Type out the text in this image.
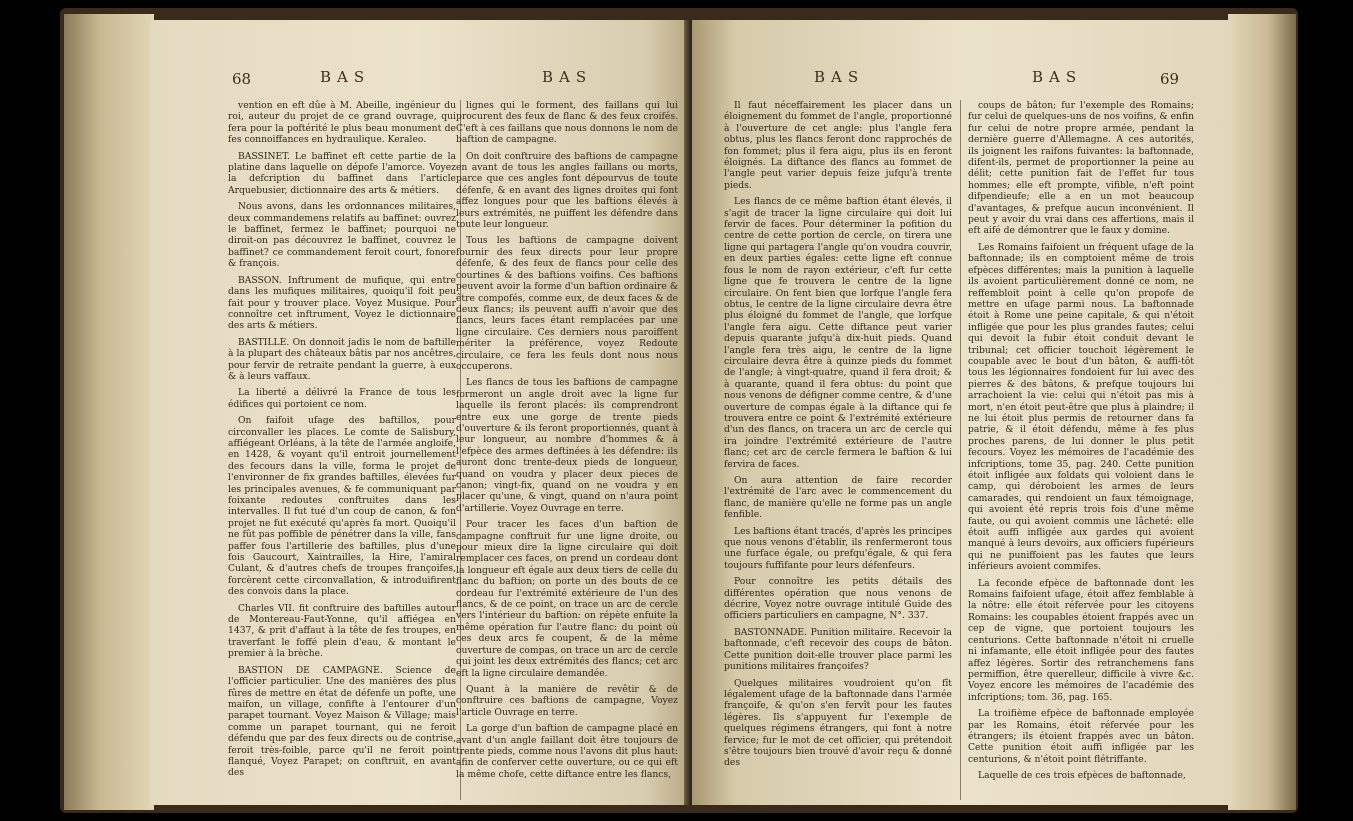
68	BAS	BAS

vention en eft dûe à M. Abeille, ingénieur du roi, auteur du projet de ce grand ouvrage, qui fera pour la poftérité le plus beau monument de fes connoiffances en hydraulique. Keraleo.

BASSINET. Le baffinet eft cette partie de la platine dans laquelle on dépofe l'amorce. Voyez la defcription du baffinet dans l'article Arquebusier, dictionnaire des arts & métiers.

Nous avons, dans les ordonnances militaires, deux commandemens relatifs au baffinet: ouvrez le baffinet, fermez le baffinet; pourquoi ne diroit-on pas découvrez le baffinet, couvrez le baffinet? ce commandement feroit court, fonore & françois.

BASSON. Inftrument de mufique, qui entre dans les mufiques militaires, quoiqu'il foit peu fait pour y trouver place. Voyez Musique. Pour connoître cet inftrument, Voyez le dictionnaire des arts & métiers.

BASTILLE. On donnoit jadis le nom de baftille à la plupart des châteaux bâtis par nos ancêtres, pour fervir de retraite pendant la guerre, à eux & à leurs vaffaux.

La liberté a délivré la France de tous les édifices qui portoient ce nom.

On faifoit ufage des baftillos, pour circonvaller les places. Le comte de Salisbury, affiégeant Orléans, à la tête de l'armée angloife, en 1428, & voyant qu'il entroit journellement des fecours dans la ville, forma le projet de l'environner de fix grandes baftilles, élevées fur les principales avenues, & fe communiquant par foixante redoutes conftruites dans les intervalles. Il fut tué d'un coup de canon, & fon projet ne fut exécuté qu'après fa mort. Quoiqu'il ne fût pas poffible de pénétrer dans la ville, fans paffer fous l'artillerie des baftilles, plus d'une fois Gaucourt, Xaintrailles, la Hire, l'amiral Culant, & d'autres chefs de troupes françoifes, forcèrent cette circonvallation, & introduifirent des convois dans la place.

Charles VII. fit conftruire des baftilles autour de Montereau-Faut-Yonne, qu'il affiégea en 1437, & prit d'affaut à la tête de fes troupes, en traverfant le foffé plein d'eau, & montant le premier à la brèche.

BASTION DE CAMPAGNE. Science de l'officier particulier. Une des manières des plus fûres de mettre en état de défenfe un pofte, une maifon, un village, confifte à l'entourer d'un parapet tournant. Voyez Maison & Village; mais comme un parapet tournant, qui ne feroit défendu que par des feux directs ou de contrise, feroit très-foible, parce qu'il ne feroit point flanqué, Voyez Parapet; on conftruit, en avant des

lignes qui le forment, des faillans qui lui procurent des feux de flanc & des feux croifés. C'eft à ces faillans que nous donnons le nom de baftion de campagne.

On doit conftruire des baftions de campagne en avant de tous les angles faillans ou morts, parce que ces angles font dépourvus de toute défenfe, & en avant des lignes droites qui font affez longues pour que les baftions élevés à leurs extrémités, ne puiffent les défendre dans toute leur longueur.

Tous les baftions de campagne doivent fournir des feux directs pour leur propre défenfe, & des feux de flancs pour celle des courtines & des baftions voifins. Ces baftions peuvent avoir la forme d'un baftion ordinaire & être compofés, comme eux, de deux faces & de deux flancs; ils peuvent auffi n'avoir que des flancs, leurs faces étant remplacées par une ligne circulaire. Ces derniers nous paroiffent mériter la préférence, voyez Redoute circulaire, ce fera les feuls dont nous nous occuperons.

Les flancs de tous les baftions de campagne formeront un angle droit avec la ligne fur laquelle ils feront placés: ils comprendront entre eux une gorge de trente pieds d'ouverture & ils feront proportionnés, quant à leur longueur, au nombre d'hommes & à l'efpèce des armes deftinées à les défendre: ils auront donc trente-deux pieds de longueur, quand on voudra y placer deux pieces de canon; vingt-fix, quand on ne voudra y en placer qu'une, & vingt, quand on n'aura point d'artillerie. Voyez Ouvrage en terre.

Pour tracer les faces d'un baftion de campagne conftruit fur une ligne droite, ou pour mieux dire la ligne circulaire qui doit remplacer ces faces, on prend un cordeau dont la longueur eft égale aux deux tiers de celle du flanc du baftion; on porte un des bouts de ce cordeau fur l'extrémité extérieure de l'un des flancs, & de ce point, on trace un arc de cercle vers l'intérieur du baftion: on répète enfuite la même opération fur l'autre flanc: du point où ces deux arcs fe coupent, & de la même ouverture de compas, on trace un arc de cercle qui joint les deux extrémités des flancs; cet arc eft la ligne circulaire demandée.

Quant à la manière de revêtir & de conftruire ces baftions de campagne, Voyez l'article Ouvrage en terre.

La gorge d'un baftion de campagne placé en avant d'un angle faillant doit être toujours de trente pieds, comme nous l'avons dit plus haut: afin de conferver cette ouverture, ou ce qui eft la même chofe, cette diftance entre les flancs,

BAS	BAS	69

Il faut néceffairement les placer dans un éloignement du fommet de l'angle, proportionné à l'ouverture de cet angle: plus l'angle fera obtus, plus les flancs feront donc rapprochés de fon fommet; plus il fera aigu, plus ils en feront éloignés. La diftance des flancs au fommet de l'angle peut varier depuis feize jufqu'à trente pieds.

Les flancs de ce même baftion étant élevés, il s'agit de tracer la ligne circulaire qui doit lui fervir de faces. Pour déterminer la pofition du centre de cette portion de cercle, on tirera une ligne qui partagera l'angle qu'on voudra couvrir, en deux parties égales: cette ligne eft connue fous le nom de rayon extérieur, c'eft fur cette ligne que fe trouvera le centre de la ligne circulaire. On fent bien que lorfque l'angle fera obtus, le centre de la ligne circulaire devra être plus éloigné du fommet de l'angle, que lorfque l'angle fera aigu. Cette diftance peut varier depuis quarante jufqu'à dix-huit pieds. Quand l'angle fera très aigu, le centre de la ligne circulaire devra être à quinze pieds du fommet de l'angle; à vingt-quatre, quand il fera droit; & à quarante, quand il fera obtus: du point que nous venons de défigner comme centre, & d'une ouverture de compas égale à la diftance qui fe trouvera entre ce point & l'extrémité extérieure d'un des flancs, on tracera un arc de cercle qui ira joindre l'extrémité extérieure de l'autre flanc; cet arc de cercle fermera le baftion & lui fervira de faces.

On aura attention de faire recorder l'extrémité de l'arc avec le commencement du flanc, de manière qu'elle ne forme pas un angle fenfible.

Les baftions étant tracés, d'après les principes que nous venons d'établir, ils renfermeront tous une furface égale, ou prefqu'égale, & qui fera toujours fuffifante pour leurs défenfeurs.

Pour connoître les petits détails des différentes opération que nous venons de décrire, Voyez notre ouvrage intitulé Guide des officiers particuliers en campagne, N°. 337.

BASTONNADE. Punition militaire. Recevoir la baftonnade, c'eft recevoir des coups de bâton. Cette punition doit-elle trouver place parmi les punitions militaires françoifes?

Quelques militaires voudroient qu'on fît légalement ufage de la baftonnade dans l'armée françoife, & qu'on s'en fervît pour les fautes légères. Ils s'appuyent fur l'exemple de quelques régimens étrangers, qui font à notre fervice; fur le mot de cet officier, qui prétendoit s'être toujours bien trouvé d'avoir reçu & donné des

coups de bâton; fur l'exemple des Romains; fur celui de quelques-uns de nos voifins, & enfin fur celui de notre propre armée, pendant la dernière guerre d'Allemagne. A ces autorités, ils joignent les raifons fuivantes: la baftonnade, difent-ils, permet de proportionner la peine au délit; cette punition fait de l'effet fur tous hommes; elle eft prompte, vifible, n'eft point difpendieufe; elle a en un mot beaucoup d'avantages, & prefque aucun inconvénient. Il peut y avoir du vrai dans ces affertions, mais il eft aifé de démontrer que le faux y domine.

Les Romains faifoient un fréquent ufage de la baftonnade; ils en comptoient même de trois efpèces différentes; mais la punition à laquelle ils avoient particulièrement donné ce nom, ne reffembloit point à celle qu'on propofe de mettre en ufage parmi nous. La baftonnade étoit à Rome une peine capitale, & qui n'étoit infligée que pour les plus grandes fautes; celui qui devoit la fubir étoit conduit devant le tribunal; cet officier touchoit légèrement le coupable avec le bout d'un bâton, & auffi-tôt tous les légionnaires fondoient fur lui avec des pierres & des bâtons, & prefque toujours lui arrachoient la vie: celui qui n'étoit pas mis à mort, n'en étoit peut-être que plus à plaindre; il ne lui étoit plus permis de retourner dans fa patrie, & il étoit défendu, même à fes plus proches parens, de lui donner le plus petit fecours. Voyez les mémoires de l'académie des infcriptions, tome 35, pag. 240. Cette punition étoit infligée aux foldats qui voloient dans le camp, qui déroboient les armes de leurs camarades, qui rendoient un faux témoignage, qui avoient été repris trois fois d'une même faute, ou qui avoient commis une lâcheté: elle étoit auffi infligée aux gardes qui avoient manqué à leurs devoirs, aux officiers fupérieurs qui ne puniffoient pas les fautes que leurs inférieurs avoient commifes.

La feconde efpèce de baftonnade dont les Romains faifoient ufage, étoit affez femblable à la nôtre: elle étoit réfervée pour les citoyens Romains: les coupables étoient frappés avec un cep de vigne, que portoient toujours les centurions. Cette baftonnade n'étoit ni cruelle ni infamante, elle étoit infligée pour des fautes affez légères. Sortir des retranchemens fans permiffion, être querelleur, difficile à vivre &c. Voyez encore les mémoires de l'académie des infcriptions; tom. 36, pag. 165.

La troifième efpèce de baftonnade employée par les Romains, étoit réfervée pour les étrangers; ils étoient frappés avec un bâton. Cette punition étoit auffi infligée par les centurions, & n'étoit point flétriffante.

Laquelle de ces trois efpèces de baftonnade,
